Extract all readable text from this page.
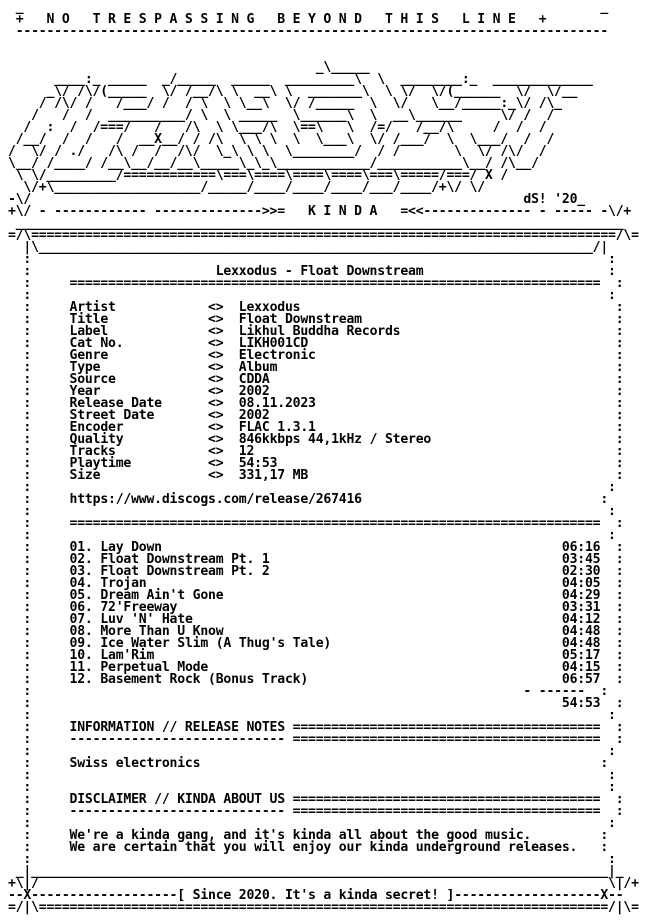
_                                                                           _
+   N O   T R E S P A S S I N G   B E Y O N D   T H I S   L I N E   +
-----------------------------------------------------------------------------

_\_____
____:_ _____  _/_____  _____  _________\  \  ________:_  _____________
_\/ /\/(_____  \/ /__/\ \  __\ \  _______\  \ \/  \/(______  \/  \/__
/ /\/ /   /___/ /  / \  \ \__\  \/ /_____  \  \/   \__/_____:_\/ /\_
/   /  /  __________/ \  \ _____  \______\  \  __\______     \/ /  /
/  :  /  /===/   /   /\  \ \___/\  \==\   \  /=/   /__/\     /  /  /
/__/  /  /   /  __X__/ / /\  \ \ \  \  \___\  \/ /___/  \  \___/  /  /
/  \/ / ./   /\ /  /  /\/  \_\ \ \  \________/  / /       \  \/ /\/  /
\__/ /____/ /__\__/__/__\_____\_\_\____________/___________\__/ /\__/
\ \/_________/============\===\====\====\====\===\=====/===/ X /
\/+\___________________/_____/____/____/____/___/____/+\/ \/
-\/	dS! '20_
+\/ - ------------ -------------->>=   K I N D A   =<<-------------- - ----- -\/+
_______________________________________________________________________________
=/\============================================================================/\=
|\________________________________________________________________________/|
:                                                                           :
:                        Lexxodus - Float Downstream	:
:     =====================================================================  :
:                                                                           :
:     Artist            <>  Lexxodus	:
:     Title             <>  Float Downstream	:
:     Label             <>  Likhul Buddha Records	:
:     Cat No.           <>  LIKH001CD	:
:     Genre             <>  Electronic	:
:     Type              <>  Album	:
:     Source            <>  CDDA	:
:     Year              <>  2002	:
:     Release Date      <>  08.11.2023	:
:     Street Date       <>  2002	:
:     Encoder           <>  FLAC 1.3.1	:
:     Quality           <>  846kkbps 44,1kHz / Stereo	:
:     Tracks            <>  12	:
:     Playtime          <>  54:53	:
:     Size              <>  331,17 MB	:
:                                                                           :
:     https://www.discogs.com/release/267416	:
:                                                                           :
:     =====================================================================  :
:                                                                           :
:     01. Lay Down	06:16  :
:     02. Float Downstream Pt. 1	03:45  :
:     03. Float Downstream Pt. 2	02:30  :
:     04. Trojan	04:05  :
:     05. Dream Ain't Gone	04:29  :
:     06. 72'Freeway	03:31  :
:     07. Luv 'N' Hate	04:12  :
:     08. More Than U Know	04:48  :
:     09. Ice Water Slim (A Thug's Tale)	04:48  :
:     10. Lam'Rim	05:17  :
:     11. Perpetual Mode	04:15  :
:     12. Basement Rock (Bonus Track)	06:57  :
:                                                                - ------  :
:                                                                     54:53  :
:                                                                           :
:     INFORMATION // RELEASE NOTES ========================================  :
:     ---------------------------- ========================================  :
:                                                                           :
:     Swiss electronics	:
:                                                                           :
:                                                                           :
:     DISCLAIMER // KINDA ABOUT US ========================================  :
:     ---------------------------- ========================================  :
:                                                                           :
:     We're a kinda gang, and it's kinda all about the good music.	:
:     We are certain that you will enjoy our kinda underground releases.   :
:                                                                           :
_|___________________________________________________________________________|_
+\|/                                                                          \|/+
--X-------------------[ Since 2020. It's a kinda secret! ]-------------------X--
=/|\==========================================================================/|\=
